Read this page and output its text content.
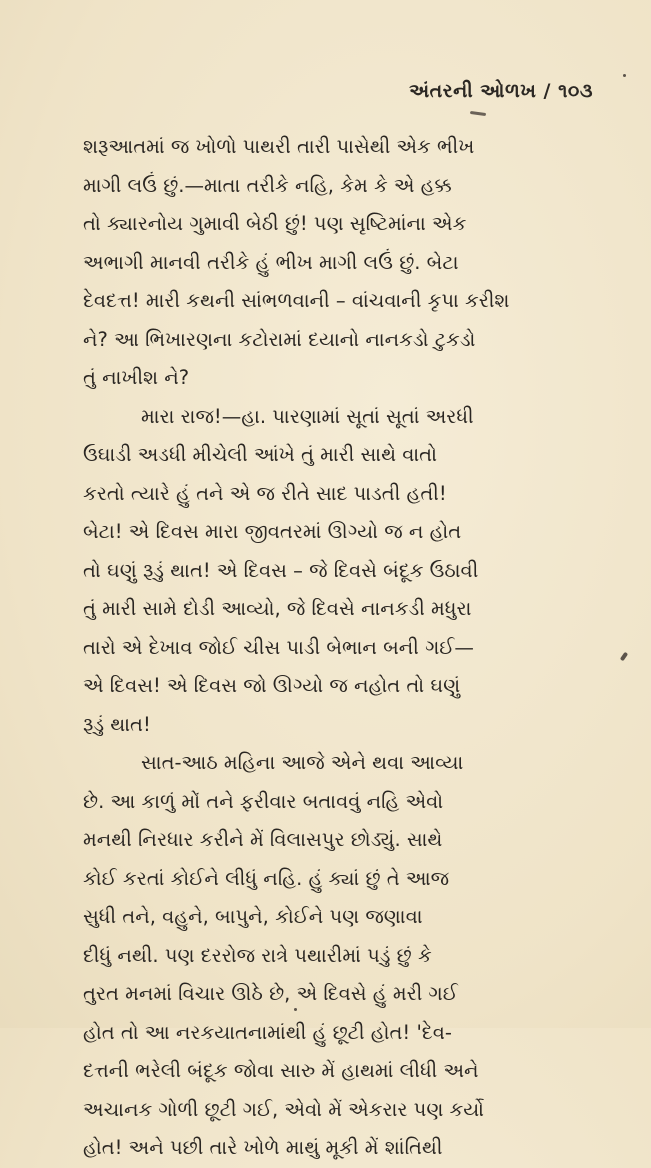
અંતરની ઓળખ / ૧૦૩
શરૂઆતમાં જ ખોળો પાથરી તારી પાસેથી એક ભીખ
માગી લઉં છું.—માતા તરીકે નહિ, કેમ કે એ હક્ક
તો ક્યારનોય ગુમાવી બેઠી છું! પણ સૃષ્ટિમાંના એક
અભાગી માનવી તરીકે હું ભીખ માગી લઉં છું. બેટા
દેવદત્ત! મારી કથની સાંભળવાની – વાંચવાની કૃપા કરીશ
ને? આ ભિખારણના કટોરામાં દયાનો નાનકડો ટુકડો
તું નાખીશ ને?
મારા રાજ!—હા. પારણામાં સૂતાં સૂતાં અરધી
ઉઘાડી અડધી મીચેલી આંખે તું મારી સાથે વાતો
કરતો ત્યારે હું તને એ જ રીતે સાદ પાડતી હતી!
બેટા! એ દિવસ મારા જીવતરમાં ઊગ્યો જ ન હોત
તો ઘણું રૂડું થાત! એ દિવસ – જે દિવસે બંદૂક ઉઠાવી
તું મારી સામે દોડી આવ્યો, જે દિવસે નાનકડી મધુરા
તારો એ દેખાવ જોઈ ચીસ પાડી બેભાન બની ગઈ—
એ દિવસ! એ દિવસ જો ઊગ્યો જ નહોત તો ઘણું
રૂડું થાત!
સાત-આઠ મહિના આજે એને થવા આવ્યા
છે. આ કાળું મોં તને ફરીવાર બતાવવું નહિ એવો
મનથી નિરધાર કરીને મેં વિલાસપુર છોડ્યું. સાથે
કોઈ કરતાં કોઈને લીધું નહિ. હું ક્યાં છું તે આજ
સુધી તને, વહુને, બાપુને, કોઈને પણ જણાવા
દીધું નથી. પણ દરરોજ રાત્રે પથારીમાં પડું છું કે
તુરત મનમાં વિચાર ઊઠે છે, એ દિવસે હું મરી ગઈ
હોત તો આ નરકયાતનામાંથી હું છૂટી હોત! 'દેવ-
દત્તની ભરેલી બંદૂક જોવા સારુ મેં હાથમાં લીધી અને
અચાનક ગોળી છૂટી ગઈ, એવો મેં એકરાર પણ કર્યો
હોત! અને પછી તારે ખોળે માથું મૂકી મેં શાંતિથી
